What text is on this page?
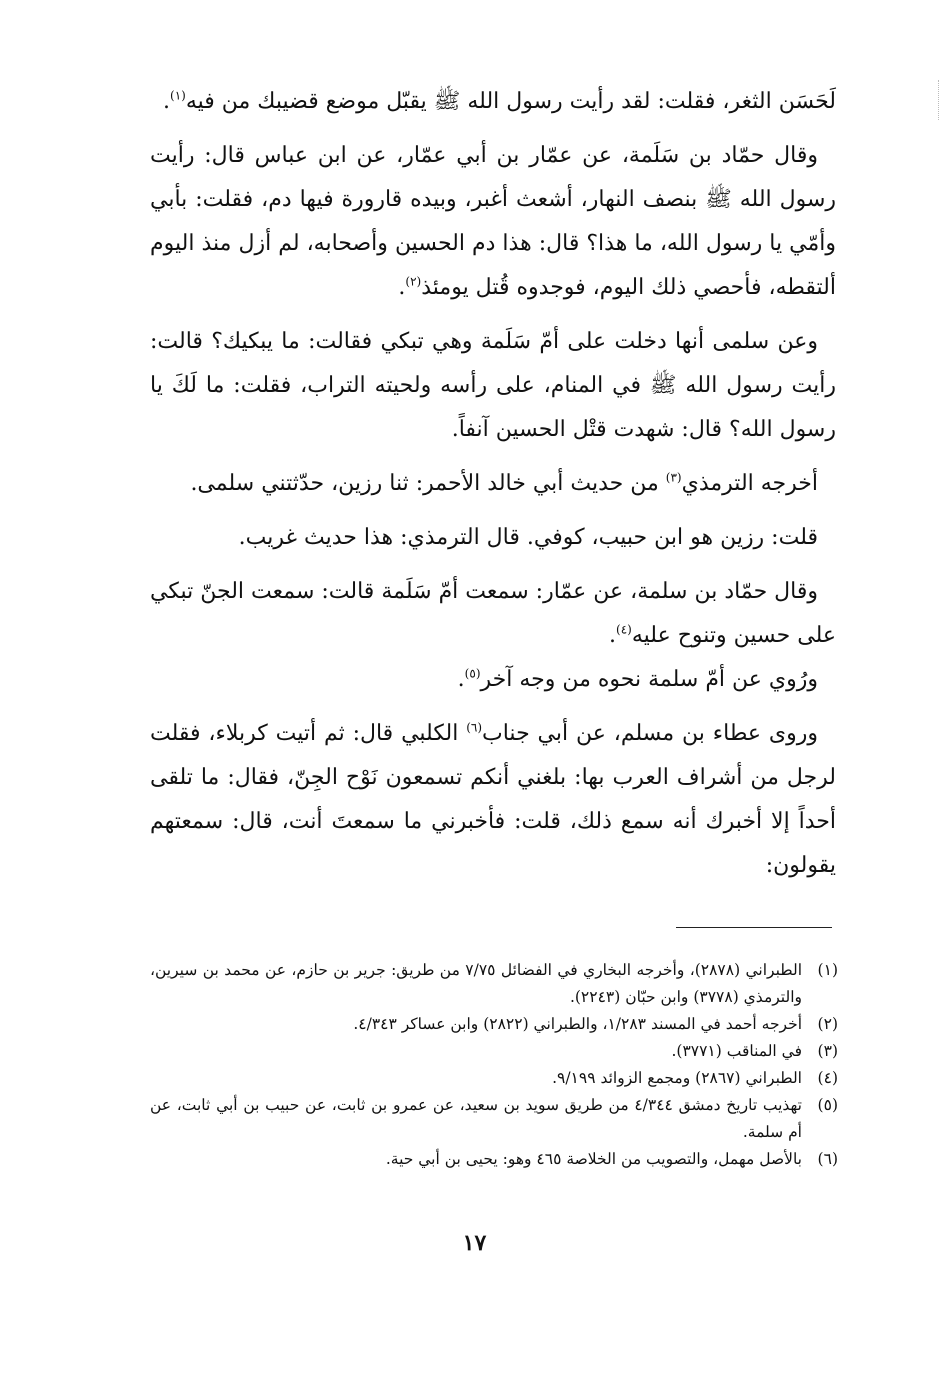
لَحَسَن الثغر، فقلت: لقد رأيت رسول الله ﷺ يقبّل موضع قضيبك من فيه$^{(١)}$.

وقال حمّاد بن سَلَمة، عن عمّار بن أبي عمّار، عن ابن عباس قال: رأيت رسول الله ﷺ بنصف النهار، أشعث أغبر، وبيده قارورة فيها دم، فقلت: بأبي وأمّي يا رسول الله، ما هذا؟ قال: هذا دم الحسين وأصحابه، لم أزل منذ اليوم ألتقطه، فأحصي ذلك اليوم، فوجدوه قُتل يومئذ$^{(٢)}$.

وعن سلمى أنها دخلت على أمّ سَلَمة وهي تبكي فقالت: ما يبكيك؟ قالت: رأيت رسول الله ﷺ في المنام، على رأسه ولحيته التراب، فقلت: ما لَكَ يا رسول الله؟ قال: شهدت قتْل الحسين آنفاً.

أخرجه الترمذي$^{(٣)}$ من حديث أبي خالد الأحمر: ثنا رزين، حدّثتني سلمى.

قلت: رزين هو ابن حبيب، كوفي. قال الترمذي: هذا حديث غريب.

وقال حمّاد بن سلمة، عن عمّار: سمعت أمّ سَلَمة قالت: سمعت الجنّ تبكي على حسين وتنوح عليه$^{(٤)}$.

ورُوي عن أمّ سلمة نحوه من وجه آخر$^{(٥)}$.

وروى عطاء بن مسلم، عن أبي جناب$^{(٦)}$ الكلبي قال: ثم أتيت كربلاء، فقلت لرجل من أشراف العرب بها: بلغني أنكم تسمعون نَوْح الجِنّ، فقال: ما تلقى أحداً إلا أخبرك أنه سمع ذلك، قلت: فأخبرني ما سمعتَ أنت، قال: سمعتهم يقولون:

(١)
الطبراني (٢٨٧٨)، وأخرجه البخاري في الفضائل ٧/٧٥ من طريق: جرير بن حازم، عن محمد بن سيرين، والترمذي (٣٧٧٨) وابن حبّان (٢٢٤٣).
(٢)
أخرجه أحمد في المسند ١/٢٨٣، والطبراني (٢٨٢٢) وابن عساكر ٤/٣٤٣.
(٣)
في المناقب (٣٧٧١).
(٤)
الطبراني (٢٨٦٧) ومجمع الزوائد ٩/١٩٩.
(٥)
تهذيب تاريخ دمشق ٤/٣٤٤ من طريق سويد بن سعيد، عن عمرو بن ثابت، عن حبيب بن أبي ثابت، عن أم سلمة.
(٦)
بالأصل مهمل، والتصويب من الخلاصة ٤٦٥ وهو: يحيى بن أبي حية.
١٧
